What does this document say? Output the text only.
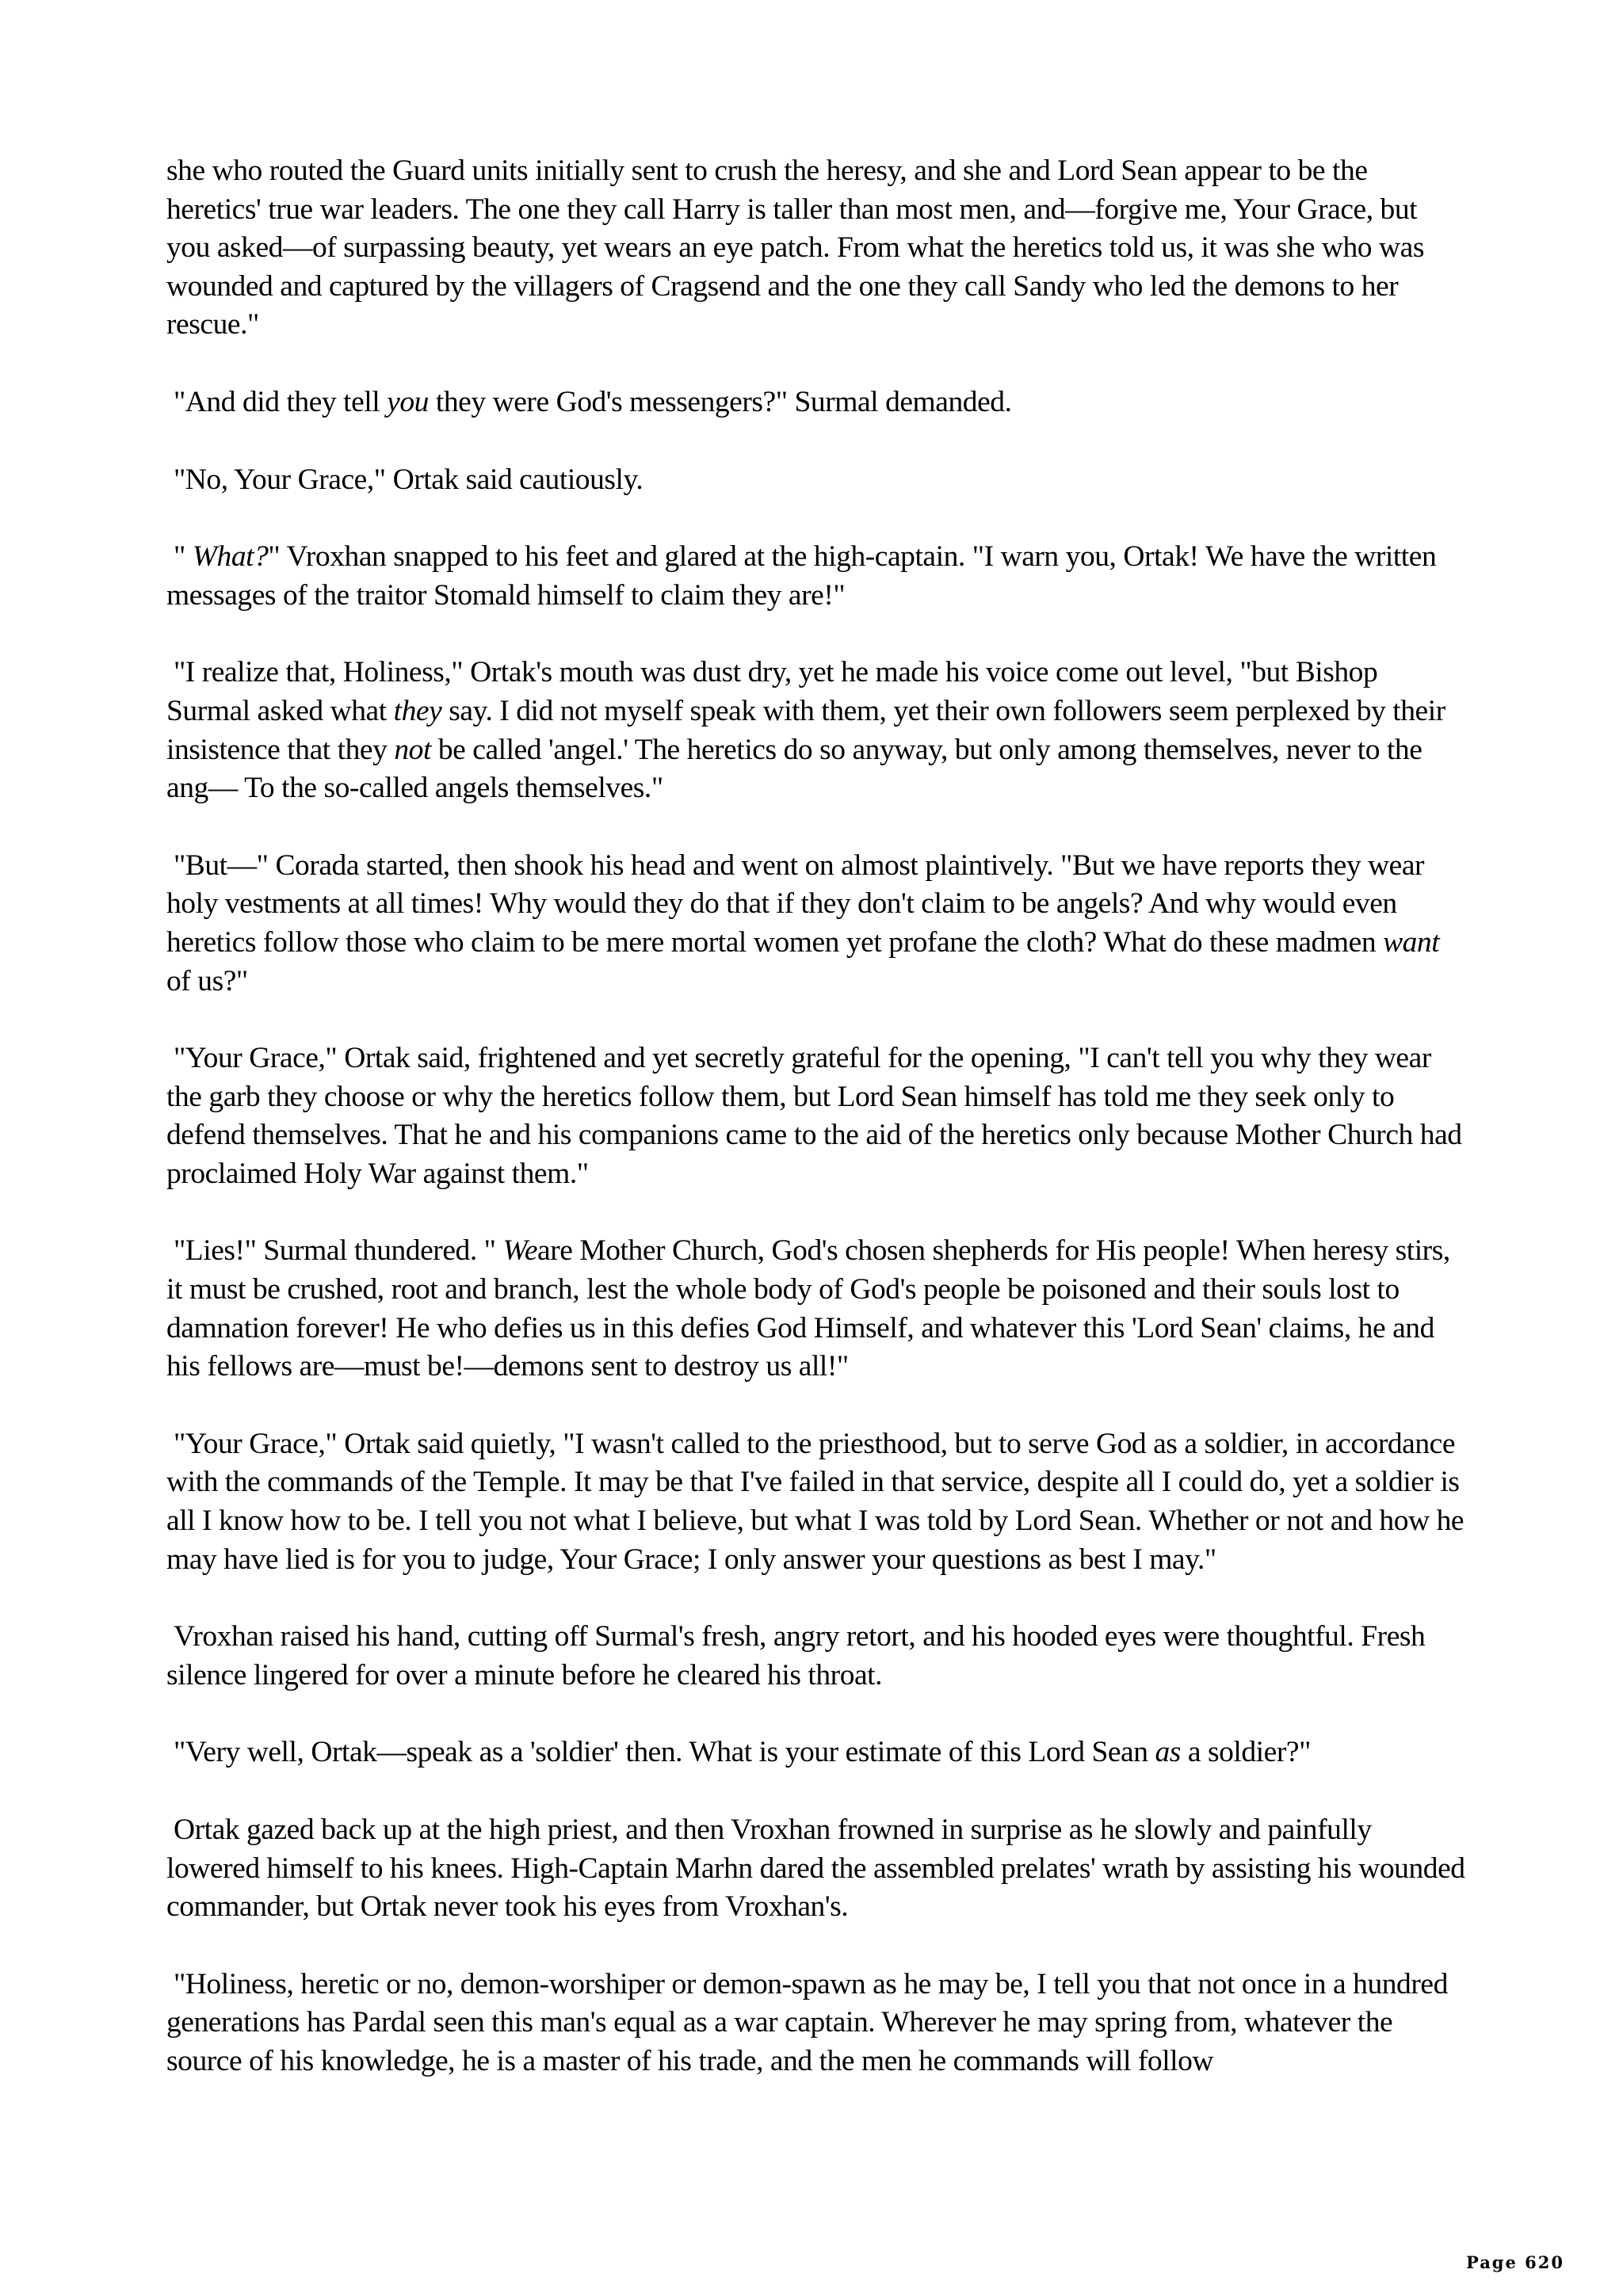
she who routed the Guard units initially sent to crush the heresy, and she and Lord Sean appear to be the heretics' true war leaders. The one they call Harry is taller than most men, and—forgive me, Your Grace, but you asked—of surpassing beauty, yet wears an eye patch. From what the heretics told us, it was she who was wounded and captured by the villagers of Cragsend and the one they call Sandy who led the demons to her rescue."

"And did they tell you they were God's messengers?" Surmal demanded.

"No, Your Grace," Ortak said cautiously.

" What?" Vroxhan snapped to his feet and glared at the high-captain. "I warn you, Ortak! We have the written messages of the traitor Stomald himself to claim they are!"

"I realize that, Holiness," Ortak's mouth was dust dry, yet he made his voice come out level, "but Bishop Surmal asked what they say. I did not myself speak with them, yet their own followers seem perplexed by their insistence that they not be called 'angel.' The heretics do so anyway, but only among themselves, never to the ang— To the so-called angels themselves."

"But—" Corada started, then shook his head and went on almost plaintively. "But we have reports they wear holy vestments at all times! Why would they do that if they don't claim to be angels? And why would even heretics follow those who claim to be mere mortal women yet profane the cloth? What do these madmen want of us?"

"Your Grace," Ortak said, frightened and yet secretly grateful for the opening, "I can't tell you why they wear the garb they choose or why the heretics follow them, but Lord Sean himself has told me they seek only to defend themselves. That he and his companions came to the aid of the heretics only because Mother Church had proclaimed Holy War against them."

"Lies!" Surmal thundered. " Weare Mother Church, God's chosen shepherds for His people! When heresy stirs, it must be crushed, root and branch, lest the whole body of God's people be poisoned and their souls lost to damnation forever! He who defies us in this defies God Himself, and whatever this 'Lord Sean' claims, he and his fellows are—must be!—demons sent to destroy us all!"

"Your Grace," Ortak said quietly, "I wasn't called to the priesthood, but to serve God as a soldier, in accordance with the commands of the Temple. It may be that I've failed in that service, despite all I could do, yet a soldier is all I know how to be. I tell you not what I believe, but what I was told by Lord Sean. Whether or not and how he may have lied is for you to judge, Your Grace; I only answer your questions as best I may."

Vroxhan raised his hand, cutting off Surmal's fresh, angry retort, and his hooded eyes were thoughtful. Fresh silence lingered for over a minute before he cleared his throat.

"Very well, Ortak—speak as a 'soldier' then. What is your estimate of this Lord Sean as a soldier?"

Ortak gazed back up at the high priest, and then Vroxhan frowned in surprise as he slowly and painfully lowered himself to his knees. High-Captain Marhn dared the assembled prelates' wrath by assisting his wounded commander, but Ortak never took his eyes from Vroxhan's.

"Holiness, heretic or no, demon-worshiper or demon-spawn as he may be, I tell you that not once in a hundred generations has Pardal seen this man's equal as a war captain. Wherever he may spring from, whatever the source of his knowledge, he is a master of his trade, and the men he commands will follow

Page 620
